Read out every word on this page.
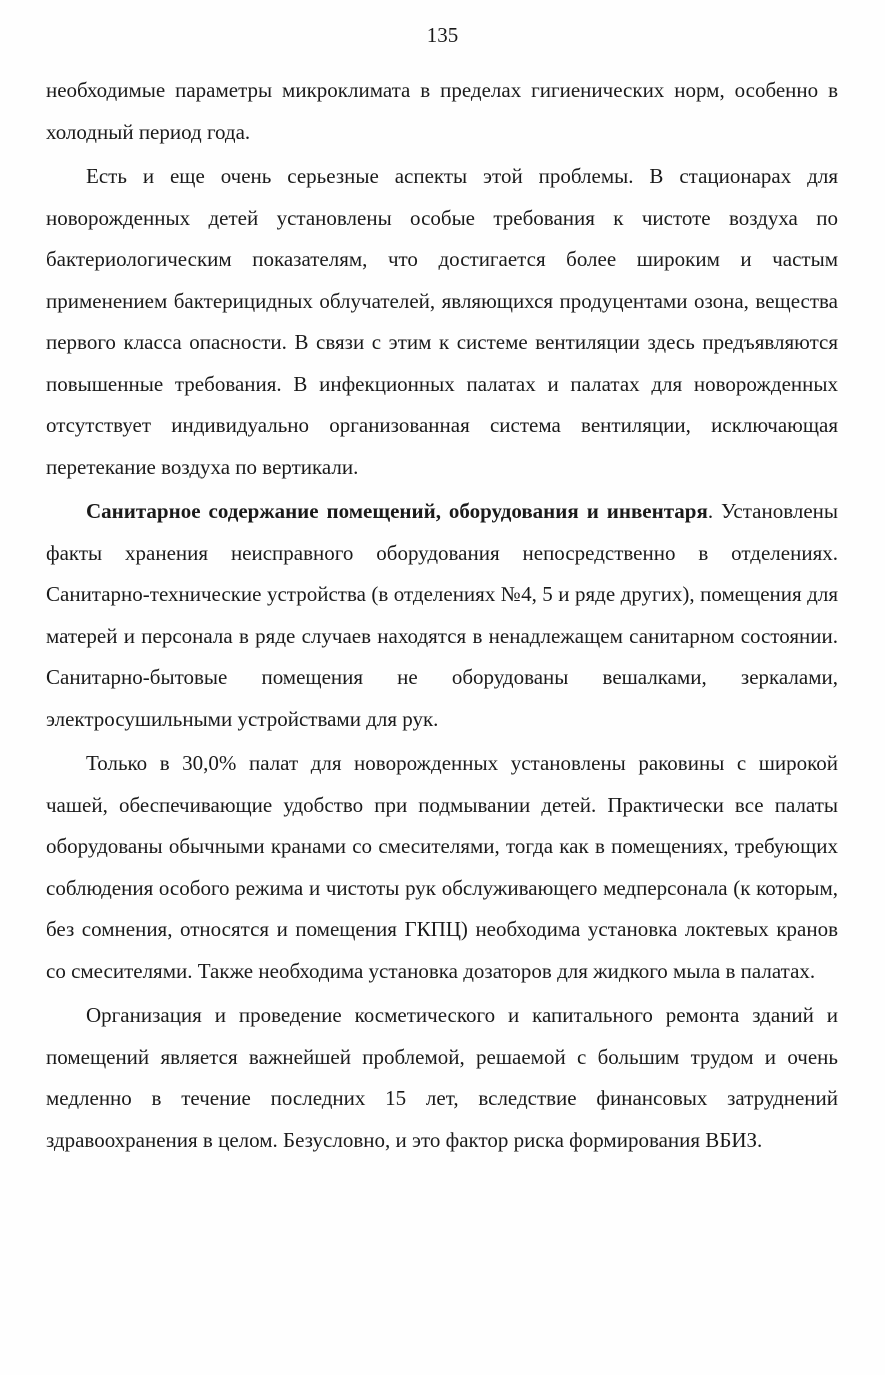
135

необходимые параметры микроклимата в пределах гигиенических норм, особенно в холодный период года.

Есть и еще очень серьезные аспекты этой проблемы. В стационарах для новорожденных детей установлены особые требования к чистоте воздуха по бактериологическим показателям, что достигается более широким и частым применением бактерицидных облучателей, являющихся продуцентами озона, вещества первого класса опасности. В связи с этим к системе вентиляции здесь предъявляются повышенные требования. В инфекционных палатах и палатах для новорожденных отсутствует индивидуально организованная система вентиляции, исключающая перетекание воздуха по вертикали.

Санитарное содержание помещений, оборудования и инвентаря. Установлены факты хранения неисправного оборудования непосредственно в отделениях. Санитарно-технические устройства (в отделениях №4, 5 и ряде других), помещения для матерей и персонала в ряде случаев находятся в ненадлежащем санитарном состоянии. Санитарно-бытовые помещения не оборудованы вешалками, зеркалами, электросушильными устройствами для рук.

Только в 30,0% палат для новорожденных установлены раковины с широкой чашей, обеспечивающие удобство при подмывании детей. Практически все палаты оборудованы обычными кранами со смесителями, тогда как в помещениях, требующих соблюдения особого режима и чистоты рук обслуживающего медперсонала (к которым, без сомнения, относятся и помещения ГКПЦ) необходима установка локтевых кранов со смесителями. Также необходима установка дозаторов для жидкого мыла в палатах.

Организация и проведение косметического и капитального ремонта зданий и помещений является важнейшей проблемой, решаемой с большим трудом и очень медленно в течение последних 15 лет, вследствие финансовых затруднений здравоохранения в целом. Безусловно, и это фактор риска формирования ВБИЗ.
